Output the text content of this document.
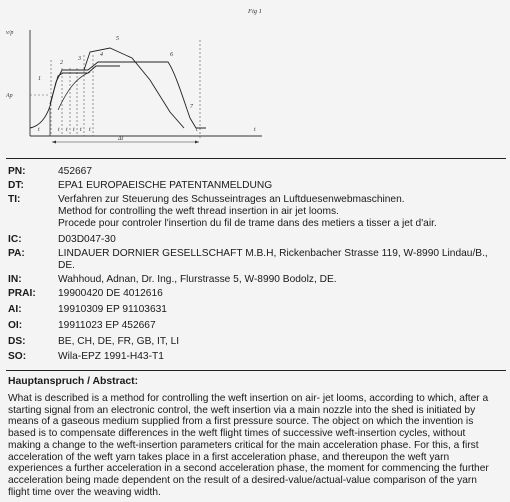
Fig 1
v/p
Ap
1
2
3
4
5
6
7
t	t t t t t	t	t
Δt
PN:	452667
DT:	EPA1 EUROPAEISCHE PATENTANMELDUNG
TI:	Verfahren zur Steuerung des Schusseintrages an Luftduesenwebmaschinen.
Method for controlling the weft thread insertion in air jet looms.
Procede pour controler l'insertion du fil de trame dans des metiers a tisser a jet d'air.
IC:	D03D047-30
PA:	LINDAUER DORNIER GESELLSCHAFT M.B.H, Rickenbacher Strasse 119, W-8990 Lindau/B.,
DE.
IN:	Wahhoud, Adnan, Dr. Ing., Flurstrasse 5, W-8990 Bodolz, DE.
PRAI: 19900420 DE 4012616
AI:	19910309 EP 91103631
OI:	19911023 EP 452667
DS:	BE, CH, DE, FR, GB, IT, LI
SO:	Wila-EPZ 1991-H43-T1
Hauptanspruch / Abstract:
What is described is a method for controlling the weft insertion on air- jet looms, according to which, after a
starting signal from an electronic control, the weft insertion via a main nozzle into the shed is initiated by
means of a gaseous medium supplied from a first pressure source. The object on which the invention is
based is to compensate differences in the weft flight times of successive weft-insertion cycles, without
making a change to the weft-insertion parameters critical for the main acceleration phase. For this, a first
acceleration of the weft yarn takes place in a first acceleration phase, and thereupon the weft yarn
experiences a further acceleration in a second acceleration phase, the moment for commencing the further
acceleration being made dependent on the result of a desired-value/actual-value comparison of the yarn
flight time over the weaving width.
